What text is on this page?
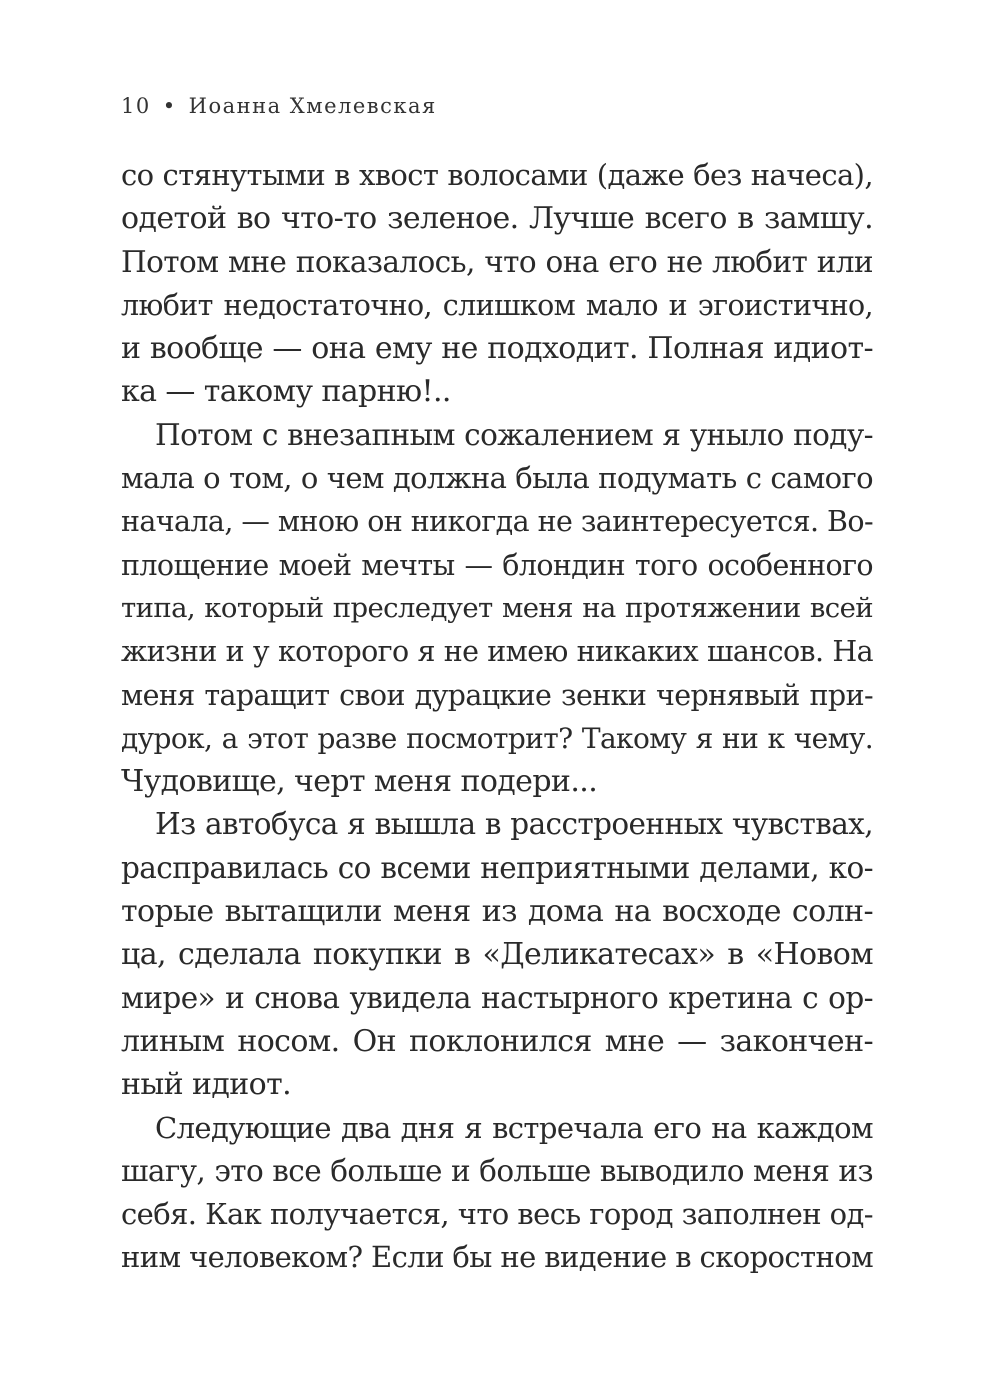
10 • Иоанна Хмелевская
со стянутыми в хвост волосами (даже без начеса),
одетой во что-то зеленое. Лучше всего в замшу.
Потом мне показалось, что она его не любит или
любит недостаточно, слишком мало и эгоистично,
и вообще — она ему не подходит. Полная идиот-
ка — такому парню!..
Потом с внезапным сожалением я уныло поду-
мала о том, о чем должна была подумать с самого
начала, — мною он никогда не заинтересуется. Во-
площение моей мечты — блондин того особенного
типа, который преследует меня на протяжении всей
жизни и у которого я не имею никаких шансов. На
меня таращит свои дурацкие зенки чернявый при-
дурок, а этот разве посмотрит? Такому я ни к чему.
Чудовище, черт меня подери...
Из автобуса я вышла в расстроенных чувствах,
расправилась со всеми неприятными делами, ко-
торые вытащили меня из дома на восходе солн-
ца, сделала покупки в «Деликатесах» в «Новом
мире» и снова увидела настырного кретина с ор-
линым носом. Он поклонился мне — закончен-
ный идиот.
Следующие два дня я встречала его на каждом
шагу, это все больше и больше выводило меня из
себя. Как получается, что весь город заполнен од-
ним человеком? Если бы не видение в скоростном
